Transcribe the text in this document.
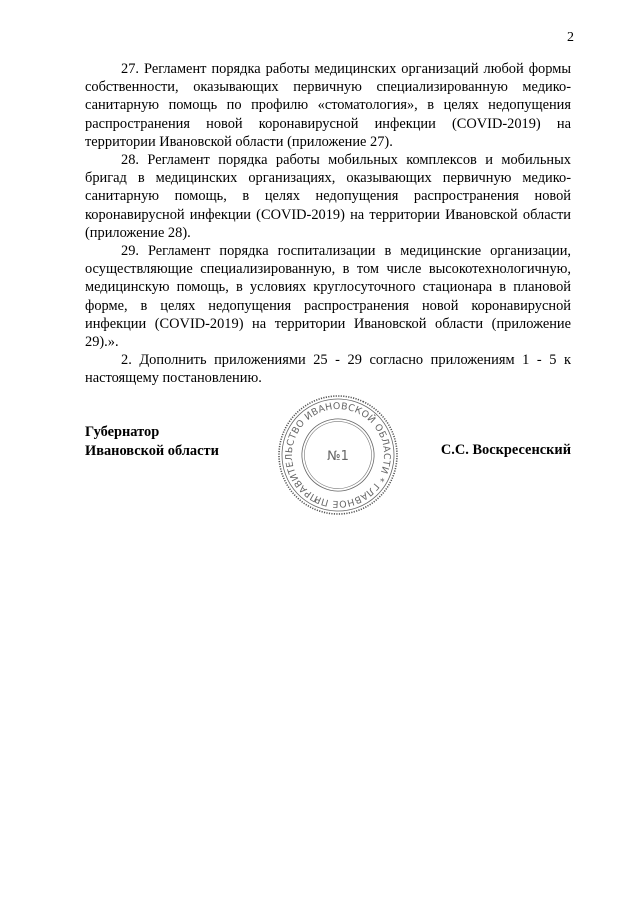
2

27. Регламент порядка работы медицинских организаций любой формы собственности, оказывающих первичную специализированную медико-санитарную помощь по профилю «стоматология», в целях недопущения распространения новой коронавирусной инфекции (COVID-2019) на территории Ивановской области (приложение 27).

28. Регламент порядка работы мобильных комплексов и мобильных бригад в медицинских организациях, оказывающих первичную медико-санитарную помощь, в целях недопущения распространения новой коронавирусной инфекции (COVID-2019) на территории Ивановской области (приложение 28).

29. Регламент порядка госпитализации в медицинские организации, осуществляющие специализированную, в том числе высокотехнологичную, медицинскую помощь, в условиях круглосуточного стационара в плановой форме, в целях недопущения распространения новой коронавирусной инфекции (COVID-2019) на территории Ивановской области (приложение 29).».

2. Дополнить приложениями 25 - 29 согласно приложениям 1 - 5 к настоящему постановлению.

Губернатор
Ивановской области	С.С. Воскресенский
ПРАВИТЕЛЬСТВО ИВАНОВСКОЙ ОБЛАСТИ * ГЛАВНОЕ ПРАВОВОЕ
№1
